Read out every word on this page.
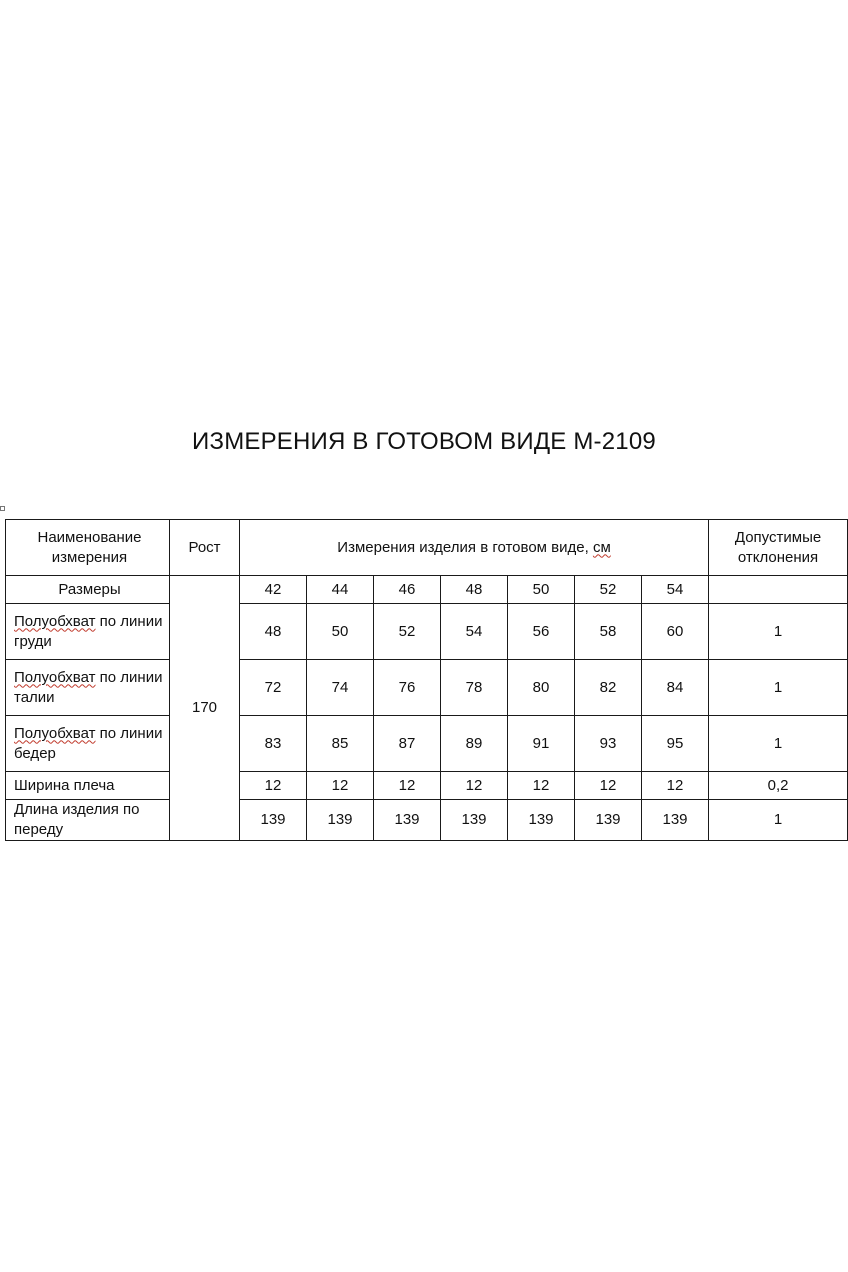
ИЗМЕРЕНИЯ В ГОТОВОМ ВИДЕ М-2109
Наименование измерения	Рост	Измерения изделия в готовом виде, см							Допустимые отклонения
Размеры	170	42	44	46	48	50	52	54	
Полуобхват по линии груди		48	50	52	54	56	58	60	1
Полуобхват по линии талии		72	74	76	78	80	82	84	1
Полуобхват по линии бедер		83	85	87	89	91	93	95	1
Ширина плеча		12	12	12	12	12	12	12	0,2
Длина изделия по переду		139	139	139	139	139	139	139	1
